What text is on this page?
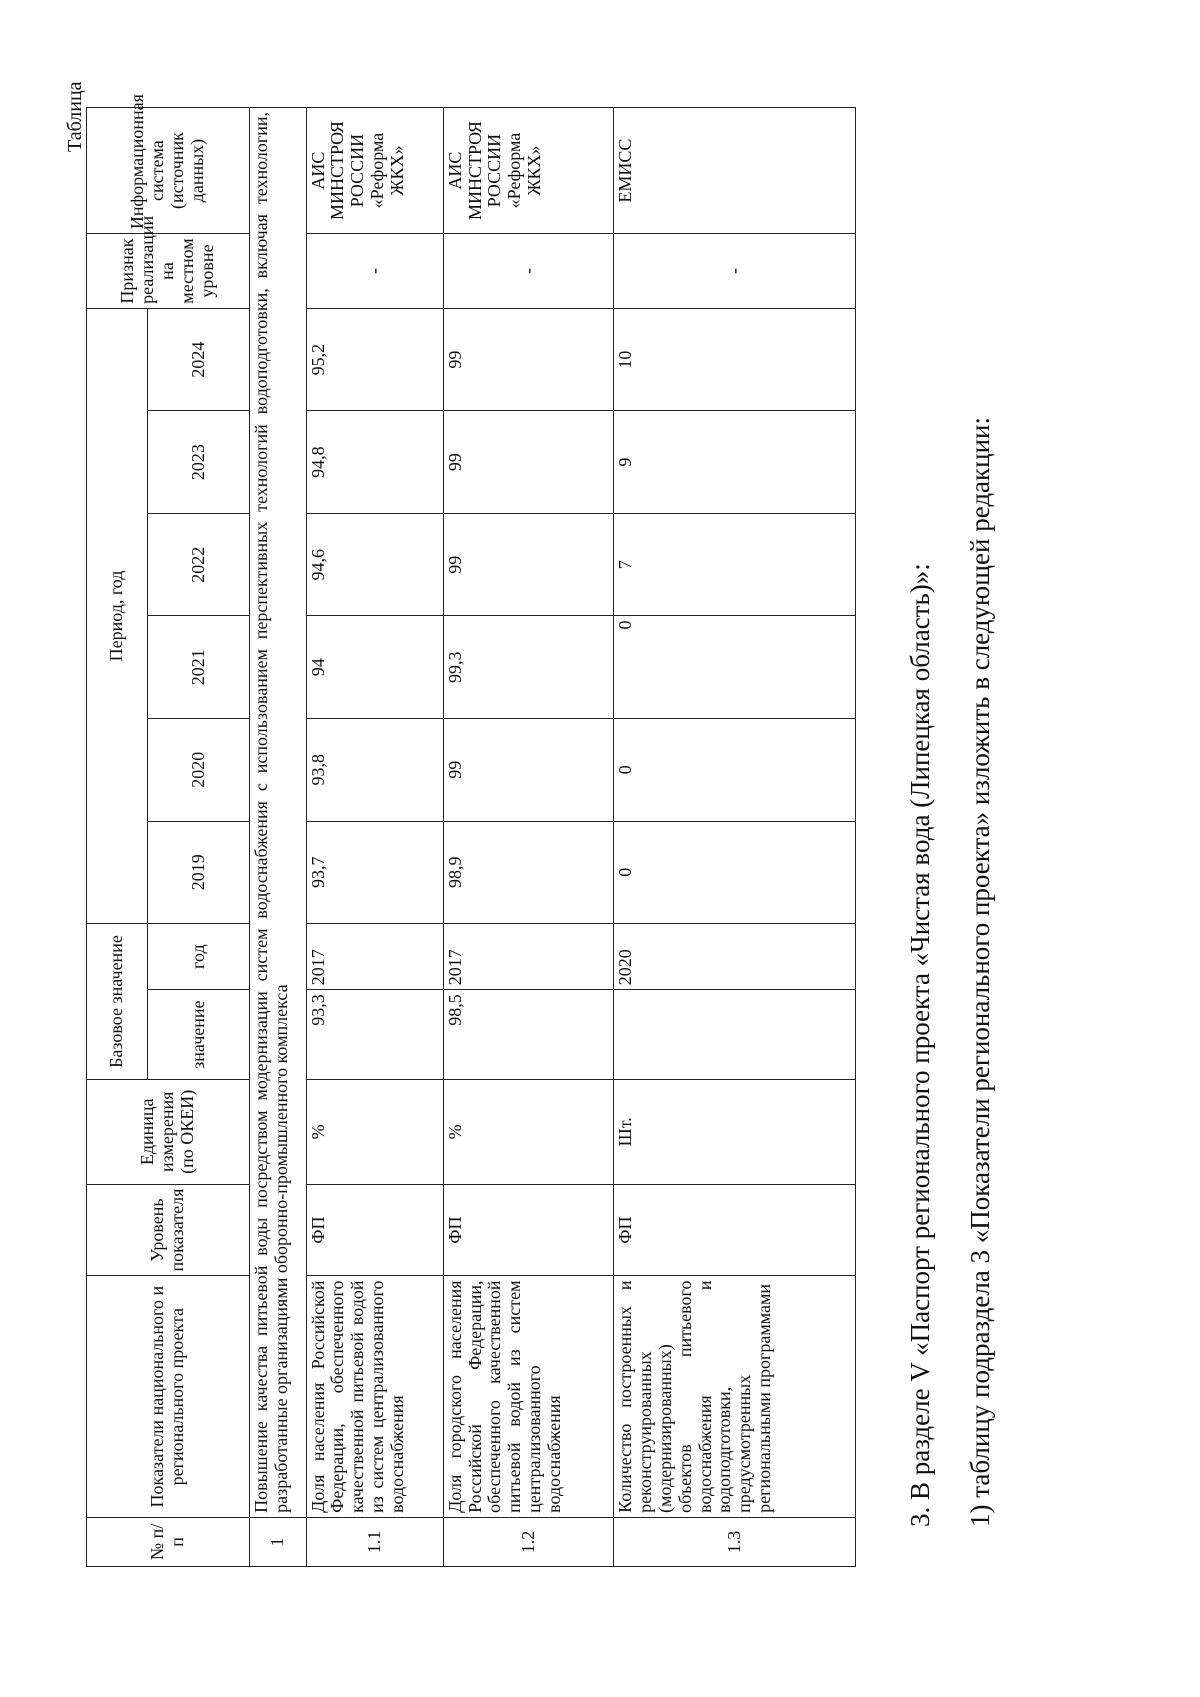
Таблица
№ п/п	Показатели национального и регионального проекта	Уровень показателя	Единица измерения (по ОКЕИ)	Базовое значение		Период, год						Признак реализации на местном уровне	Информационная система (источник данных)
				значение	год	2019	2020	2021	2022	2023	2024		
1	Повышение качества питьевой воды посредством модернизации систем водоснабжения с использованием перспективных технологий водоподготовки, включая технологии, разработанные организациями оборонно-промышленного комплекса												
1.1	Доля населения Российской Федерации, обеспеченного качественной питьевой водой из систем централизованного водоснабжения	ФП	%	93,3	2017	93,7	93,8	94	94,6	94,8	95,2	-	АИС МИНСТРОЯ РОССИИ «Реформа ЖКХ»
1.2	Доля городского населения Российской Федерации, обеспеченного качественной питьевой водой из систем централизованного водоснабжения	ФП	%	98,5	2017	98,9	99	99,3	99	99	99	-	АИС МИНСТРОЯ РОССИИ «Реформа ЖКХ»
1.3	Количество построенных и реконструированных (модернизированных) объектов питьевого водоснабжения и водоподготовки, предусмотренных региональными программами	ФП	Шт.		2020	0	0	0	7	9	10	-	ЕМИСС
3. В разделе V «Паспорт регионального проекта «Чистая вода (Липецкая область)»: 1) таблицу подраздела 3 «Показатели регионального проекта» изложить в следующей редакции:
